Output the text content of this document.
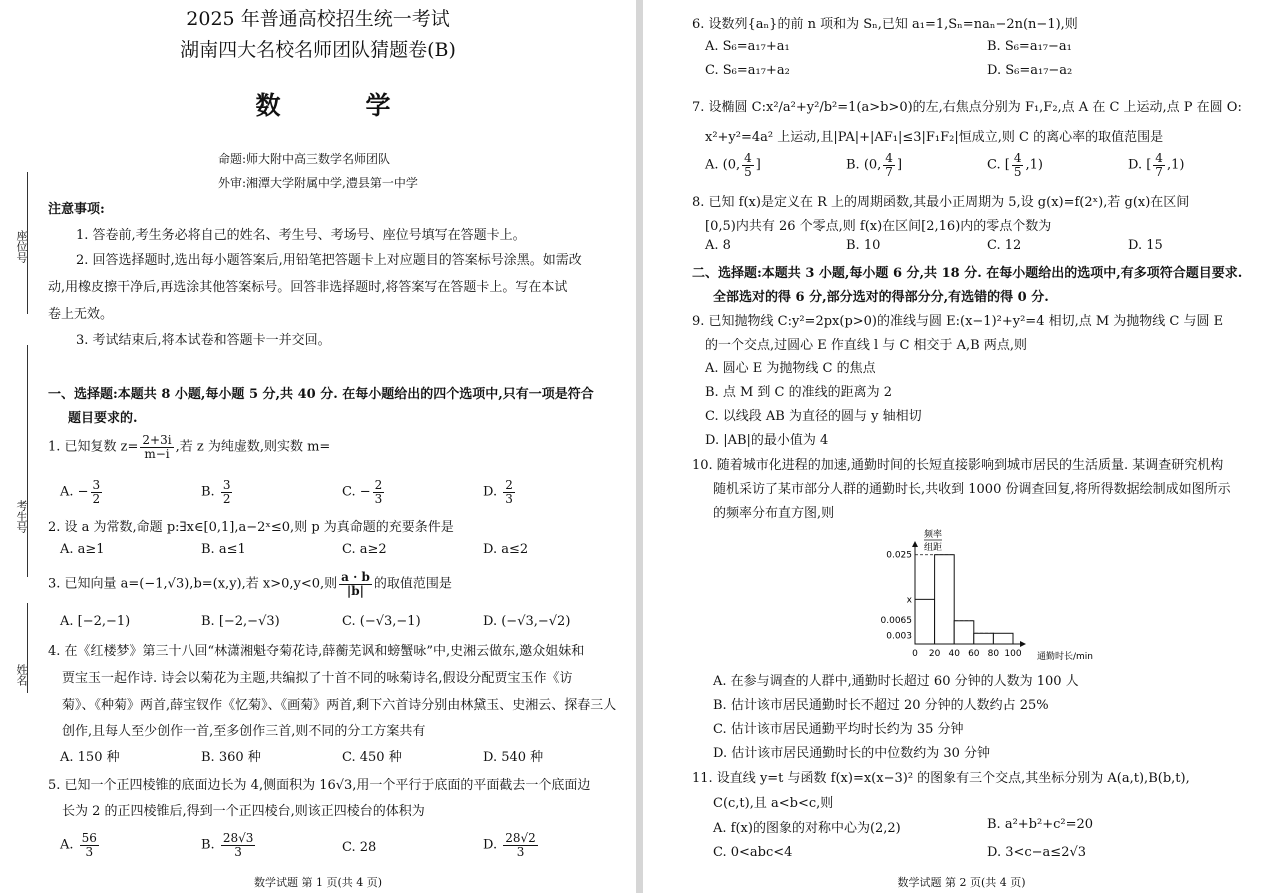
2025 年普通高校招生统一考试
湖南四大名校名师团队猜题卷(B)
数　学
命题:师大附中高三数学名师团队
外审:湘潭大学附属中学,澧县第一中学
座位号
考生号
姓名
注意事项:
1. 答卷前,考生务必将自己的姓名、考生号、考场号、座位号填写在答题卡上。
2. 回答选择题时,选出每小题答案后,用铅笔把答题卡上对应题目的答案标号涂黑。如需改
动,用橡皮擦干净后,再选涂其他答案标号。回答非选择题时,将答案写在答题卡上。写在本试
卷上无效。
3. 考试结束后,将本试卷和答题卡一并交回。
一、选择题:本题共 8 小题,每小题 5 分,共 40 分. 在每小题给出的四个选项中,只有一项是符合
题目要求的.
1. 已知复数 $z= \frac{2+3i}{m-i}$ ,若 z 为纯虚数,则实数 m=
A. − $\frac{3}{2}$	B. $\frac{3}{2}$	C. − $\frac{2}{3}$	D. $\frac{2}{3}$
2. 设 a 为常数,命题 p:∃x∈[0,1],a−2ˣ≤0,则 p 为真命题的充要条件是
A. a≥1	B. a≤1	C. a≥2	D. a≤2
3. 已知向量 a=(−1,√3),b=(x,y),若 x>0,y<0,则 $\frac{a \cdot b}{|b|}$ 的取值范围是
A. [−2,−1)	B. [−2,−√3)	C. (−√3,−1)	D. (−√3,−√2)
4. 在《红楼梦》第三十八回“林潇湘魁夺菊花诗,薛蘅芜讽和螃蟹咏”中,史湘云做东,邀众姐妹和
贾宝玉一起作诗. 诗会以菊花为主题,共编拟了十首不同的咏菊诗名,假设分配贾宝玉作《访
菊》、《种菊》两首,薛宝钗作《忆菊》、《画菊》两首,剩下六首诗分别由林黛玉、史湘云、探春三人
创作,且每人至少创作一首,至多创作三首,则不同的分工方案共有
A. 150 种	B. 360 种	C. 450 种	D. 540 种
5. 已知一个正四棱锥的底面边长为 4,侧面积为 16√3,用一个平行于底面的平面截去一个底面边
长为 2 的正四棱锥后,得到一个正四棱台,则该正四棱台的体积为
A. $\frac{56}{3}$	B. $\frac{28√3}{3}$	C. 28	D. $\frac{28√2}{3}$
数学试题 第 1 页(共 4 页)
6. 设数列{aₙ}的前 n 项和为 Sₙ,已知 a₁=1,Sₙ=naₙ−2n(n−1),则
A. S₆=a₁₇+a₁	B. S₆=a₁₇−a₁
C. S₆=a₁₇+a₂	D. S₆=a₁₇−a₂
7. 设椭圆 C:x²/a²+y²/b²=1(a>b>0)的左,右焦点分别为 F₁,F₂,点 A 在 C 上运动,点 P 在圆 O:
x²+y²=4a² 上运动,且|PA|+|AF₁|≤3|F₁F₂|恒成立,则 C 的离心率的取值范围是
A. (0, $\frac{4}{5}$ ]	B. (0, $\frac{4}{7}$ ]	C. [ $\frac{4}{5} ,1$)	D. [ $\frac{4}{7} ,1$)
8. 已知 f(x)是定义在 R 上的周期函数,其最小正周期为 5,设 g(x)=f(2ˣ),若 g(x)在区间
[0,5)内共有 26 个零点,则 f(x)在区间[2,16)内的零点个数为
A. 8	B. 10	C. 12	D. 15
二、选择题:本题共 3 小题,每小题 6 分,共 18 分. 在每小题给出的选项中,有多项符合题目要求.
全部选对的得 6 分,部分选对的得部分分,有选错的得 0 分.
9. 已知抛物线 C:y²=2px(p>0)的准线与圆 E:(x−1)²+y²=4 相切,点 M 为抛物线 C 与圆 E
的一个交点,过圆心 E 作直线 l 与 C 相交于 A,B 两点,则
A. 圆心 E 为抛物线 C 的焦点
B. 点 M 到 C 的准线的距离为 2
C. 以线段 AB 为直径的圆与 y 轴相切
D. |AB|的最小值为 4
10. 随着城市化进程的加速,通勤时间的长短直接影响到城市居民的生活质量. 某调查研究机构
随机采访了某市部分人群的通勤时长,共收到 1000 份调查回复,将所得数据绘制成如图所示
的频率分布直方图,则
频率
组距
通勤时长/min
0.025
x
0.0065
0.003
0 20 40 60 80 100
A. 在参与调查的人群中,通勤时长超过 60 分钟的人数为 100 人
B. 估计该市居民通勤时长不超过 20 分钟的人数约占 25%
C. 估计该市居民通勤平均时长约为 35 分钟
D. 估计该市居民通勤时长的中位数约为 30 分钟
11. 设直线 y=t 与函数 f(x)=x(x−3)² 的图象有三个交点,其坐标分别为 A(a,t),B(b,t),
C(c,t),且 a<b<c,则
A. f(x)的图象的对称中心为(2,2)	B. a²+b²+c²=20
C. 0<abc<4	D. 3<c−a≤2√3
数学试题 第 2 页(共 4 页)
